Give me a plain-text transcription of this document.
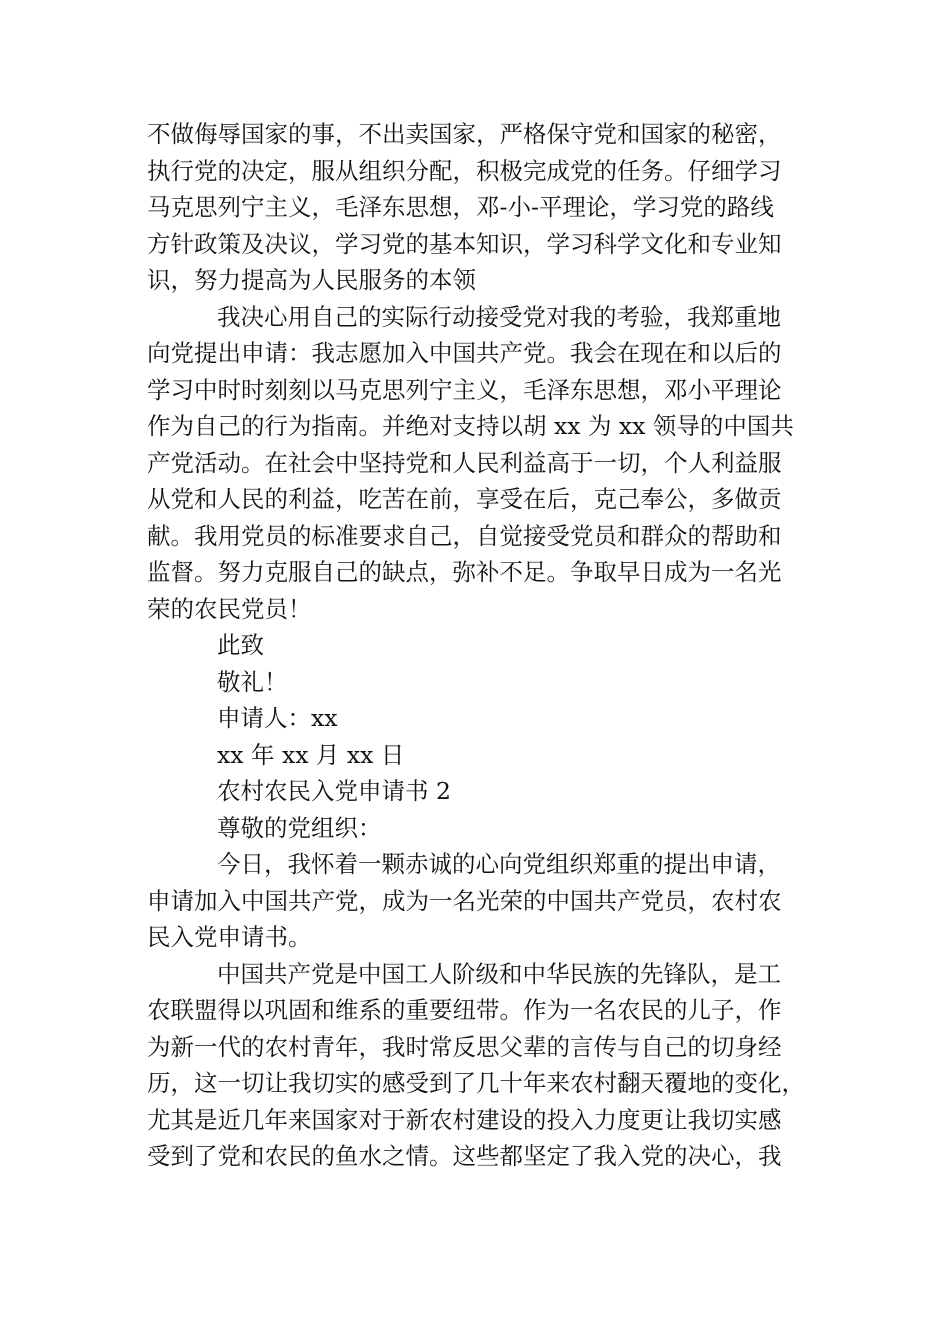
不做侮辱国家的事，不出卖国家，严格保守党和国家的秘密，
执行党的决定，服从组织分配，积极完成党的任务。仔细学习
马克思列宁主义，毛泽东思想，邓-小-平理论，学习党的路线
方针政策及决议，学习党的基本知识，学习科学文化和专业知
识，努力提高为人民服务的本领
我决心用自己的实际行动接受党对我的考验，我郑重地
向党提出申请：我志愿加入中国共产党。我会在现在和以后的
学习中时时刻刻以马克思列宁主义，毛泽东思想，邓小平理论
作为自己的行为指南。并绝对支持以胡 xx 为 xx 领导的中国共
产党活动。在社会中坚持党和人民利益高于一切，个人利益服
从党和人民的利益，吃苦在前，享受在后，克己奉公，多做贡
献。我用党员的标准要求自己，自觉接受党员和群众的帮助和
监督。努力克服自己的缺点，弥补不足。争取早日成为一名光
荣的农民党员！
此致
敬礼！
申请人：xx
xx 年 xx 月 xx 日
农村农民入党申请书 2
尊敬的党组织：
今日，我怀着一颗赤诚的心向党组织郑重的提出申请，
申请加入中国共产党，成为一名光荣的中国共产党员，农村农
民入党申请书。
中国共产党是中国工人阶级和中华民族的先锋队，是工
农联盟得以巩固和维系的重要纽带。作为一名农民的儿子，作
为新一代的农村青年，我时常反思父辈的言传与自己的切身经
历，这一切让我切实的感受到了几十年来农村翻天覆地的变化，
尤其是近几年来国家对于新农村建设的投入力度更让我切实感
受到了党和农民的鱼水之情。这些都坚定了我入党的决心，我
